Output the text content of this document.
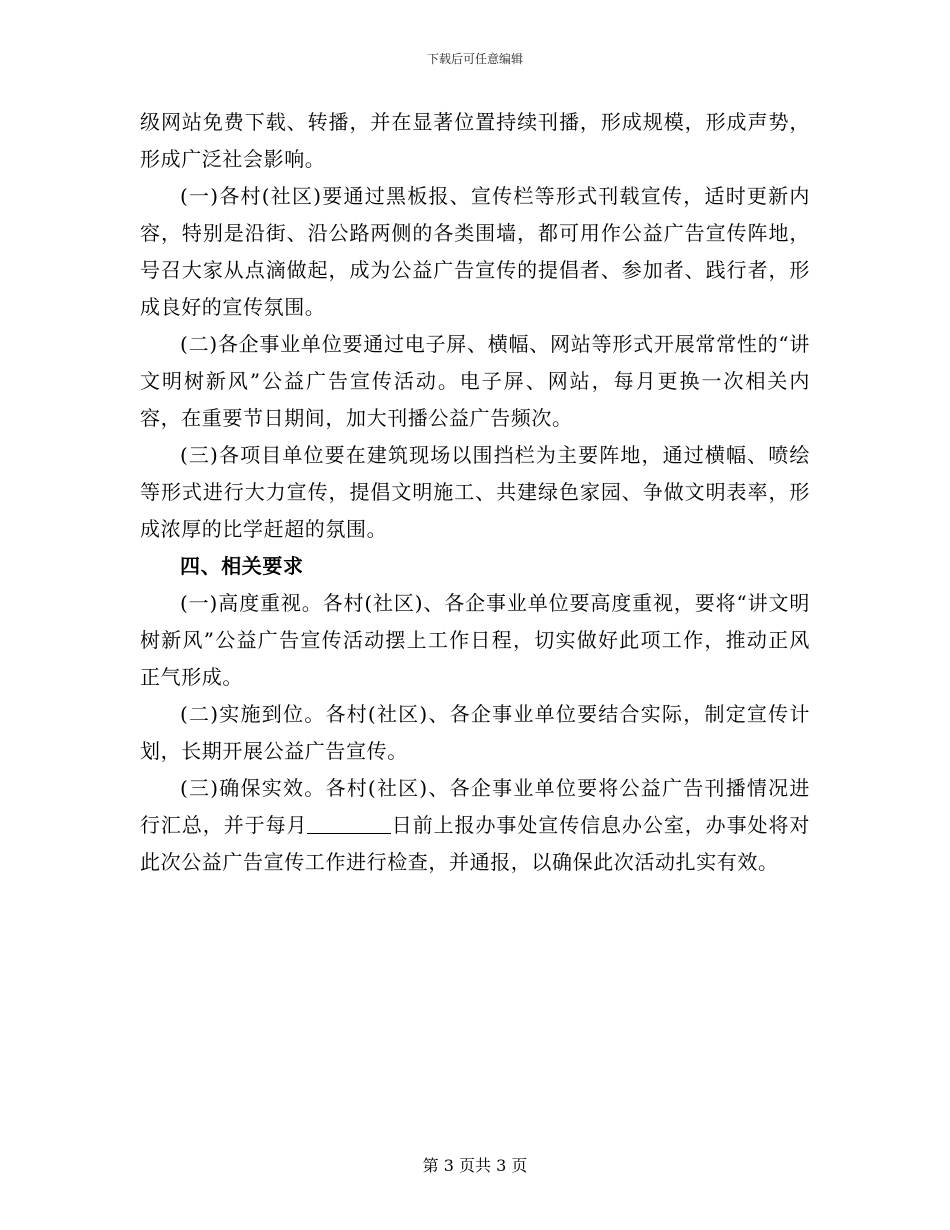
下载后可任意编辑

级网站免费下载、转播，并在显著位置持续刊播，形成规模，形成声势，形成广泛社会影响。

(一)各村(社区)要通过黑板报、宣传栏等形式刊载宣传，适时更新内容，特别是沿街、沿公路两侧的各类围墙，都可用作公益广告宣传阵地，号召大家从点滴做起，成为公益广告宣传的提倡者、参加者、践行者，形成良好的宣传氛围。

(二)各企事业单位要通过电子屏、横幅、网站等形式开展常常性的“讲文明树新风”公益广告宣传活动。电子屏、网站，每月更换一次相关内容，在重要节日期间，加大刊播公益广告频次。

(三)各项目单位要在建筑现场以围挡栏为主要阵地，通过横幅、喷绘等形式进行大力宣传，提倡文明施工、共建绿色家园、争做文明表率，形成浓厚的比学赶超的氛围。

四、相关要求

(一)高度重视。各村(社区)、各企事业单位要高度重视，要将“讲文明树新风”公益广告宣传活动摆上工作日程，切实做好此项工作，推动正风正气形成。

(二)实施到位。各村(社区)、各企事业单位要结合实际，制定宣传计划，长期开展公益广告宣传。

(三)确保实效。各村(社区)、各企事业单位要将公益广告刊播情况进行汇总，并于每月	日前上报办事处宣传信息办公室，办事处将对此次公益广告宣传工作进行检查，并通报，以确保此次活动扎实有效。

第 3 页共 3 页
